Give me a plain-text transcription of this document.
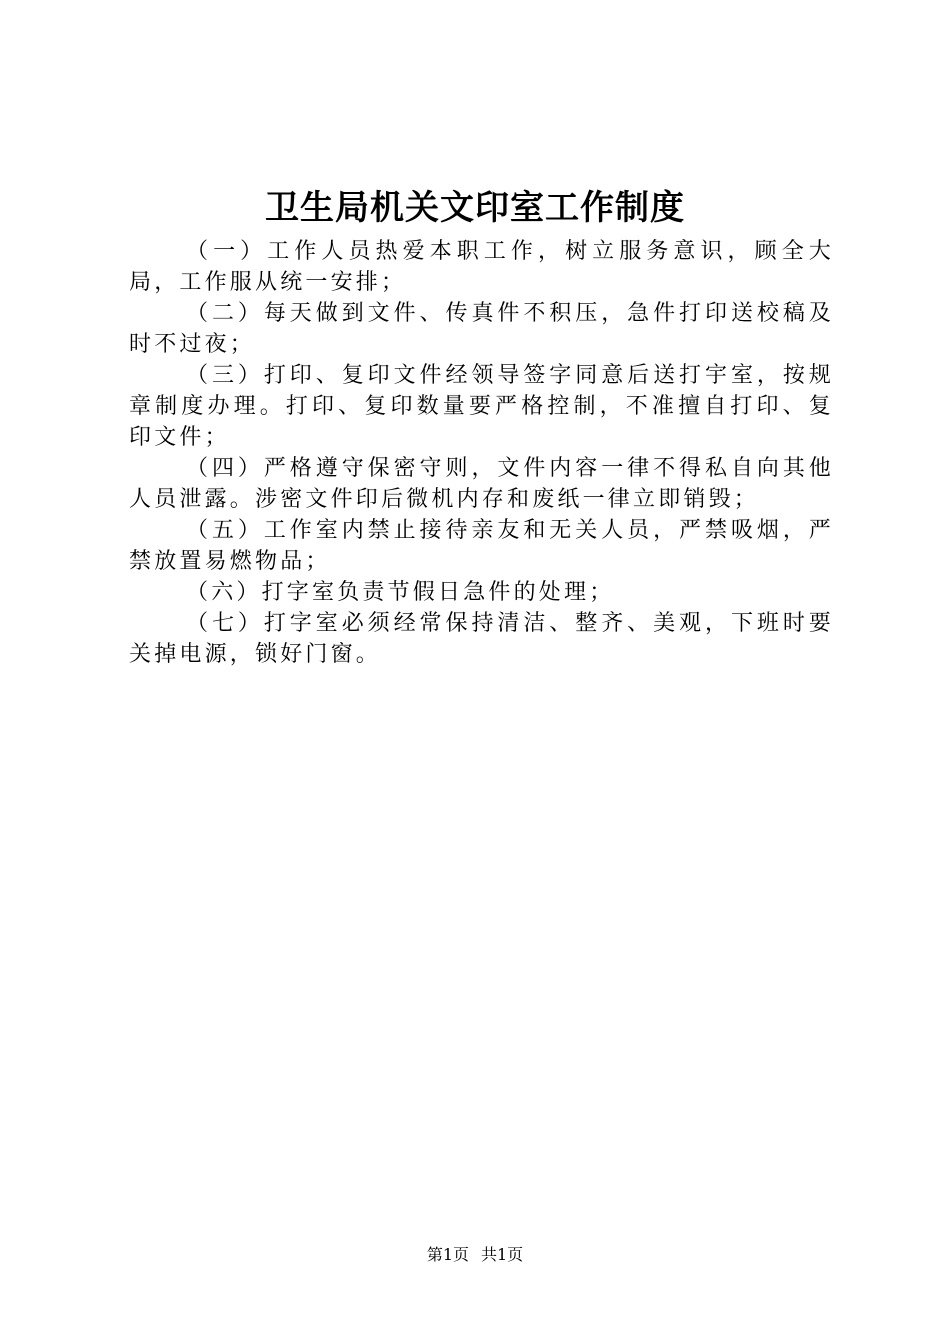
卫生局机关文印室工作制度

（一）工作人员热爱本职工作，树立服务意识，顾全大局，工作服从统一安排；

（二）每天做到文件、传真件不积压，急件打印送校稿及时不过夜；

（三）打印、复印文件经领导签字同意后送打宇室，按规章制度办理。打印、复印数量要严格控制，不准擅自打印、复印文件；

（四）严格遵守保密守则，文件内容一律不得私自向其他人员泄露。涉密文件印后微机内存和废纸一律立即销毁；

（五）工作室内禁止接待亲友和无关人员，严禁吸烟，严禁放置易燃物品；

（六）打字室负责节假日急件的处理；

（七）打字室必须经常保持清洁、整齐、美观，下班时要关掉电源，锁好门窗。

第1页 共1页
